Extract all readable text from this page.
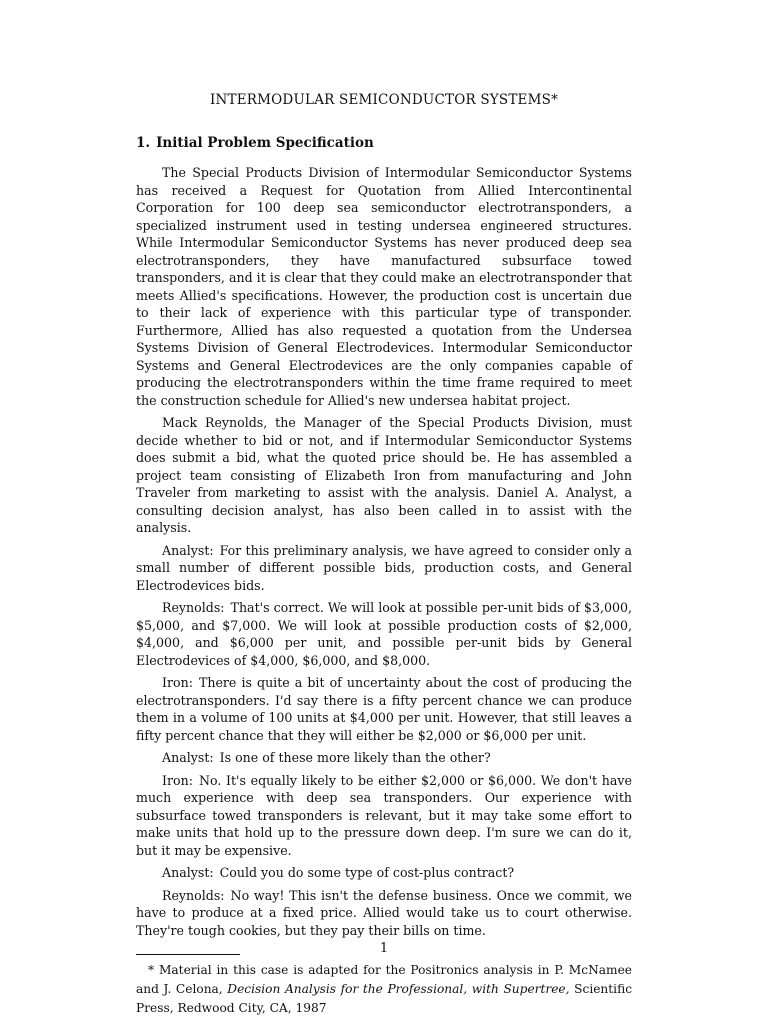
INTERMODULAR SEMICONDUCTOR SYSTEMS*
1. Initial Problem Specification

The Special Products Division of Intermodular Semiconductor Systems has received a Request for Quotation from Allied Intercontinental Corporation for 100 deep sea semiconductor electrotransponders, a specialized instrument used in testing undersea engineered structures. While Intermodular Semiconductor Systems has never produced deep sea electrotransponders, they have manufactured subsurface towed transponders, and it is clear that they could make an electrotransponder that meets Allied's specifications. However, the production cost is uncertain due to their lack of experience with this particular type of transponder. Furthermore, Allied has also requested a quotation from the Undersea Systems Division of General Electrodevices. Intermodular Semiconductor Systems and General Electrodevices are the only companies capable of producing the electrotransponders within the time frame required to meet the construction schedule for Allied's new undersea habitat project.

Mack Reynolds, the Manager of the Special Products Division, must decide whether to bid or not, and if Intermodular Semiconductor Systems does submit a bid, what the quoted price should be. He has assembled a project team consisting of Elizabeth Iron from manufacturing and John Traveler from marketing to assist with the analysis. Daniel A. Analyst, a consulting decision analyst, has also been called in to assist with the analysis.

Analyst: For this preliminary analysis, we have agreed to consider only a small number of different possible bids, production costs, and General Electrodevices bids.

Reynolds: That's correct. We will look at possible per-unit bids of $3,000, $5,000, and $7,000. We will look at possible production costs of $2,000, $4,000, and $6,000 per unit, and possible per-unit bids by General Electrodevices of $4,000, $6,000, and $8,000.

Iron: There is quite a bit of uncertainty about the cost of producing the electrotransponders. I'd say there is a fifty percent chance we can produce them in a volume of 100 units at $4,000 per unit. However, that still leaves a fifty percent chance that they will either be $2,000 or $6,000 per unit.

Analyst: Is one of these more likely than the other?

Iron: No. It's equally likely to be either $2,000 or $6,000. We don't have much experience with deep sea transponders. Our experience with subsurface towed transponders is relevant, but it may take some effort to make units that hold up to the pressure down deep. I'm sure we can do it, but it may be expensive.

Analyst: Could you do some type of cost-plus contract?

Reynolds: No way! This isn't the defense business. Once we commit, we have to produce at a fixed price. Allied would take us to court otherwise. They're tough cookies, but they pay their bills on time.

* Material in this case is adapted for the Positronics analysis in P. McNamee and J. Celona, Decision Analysis for the Professional, with Supertree, Scientific Press, Redwood City, CA, 1987

1
